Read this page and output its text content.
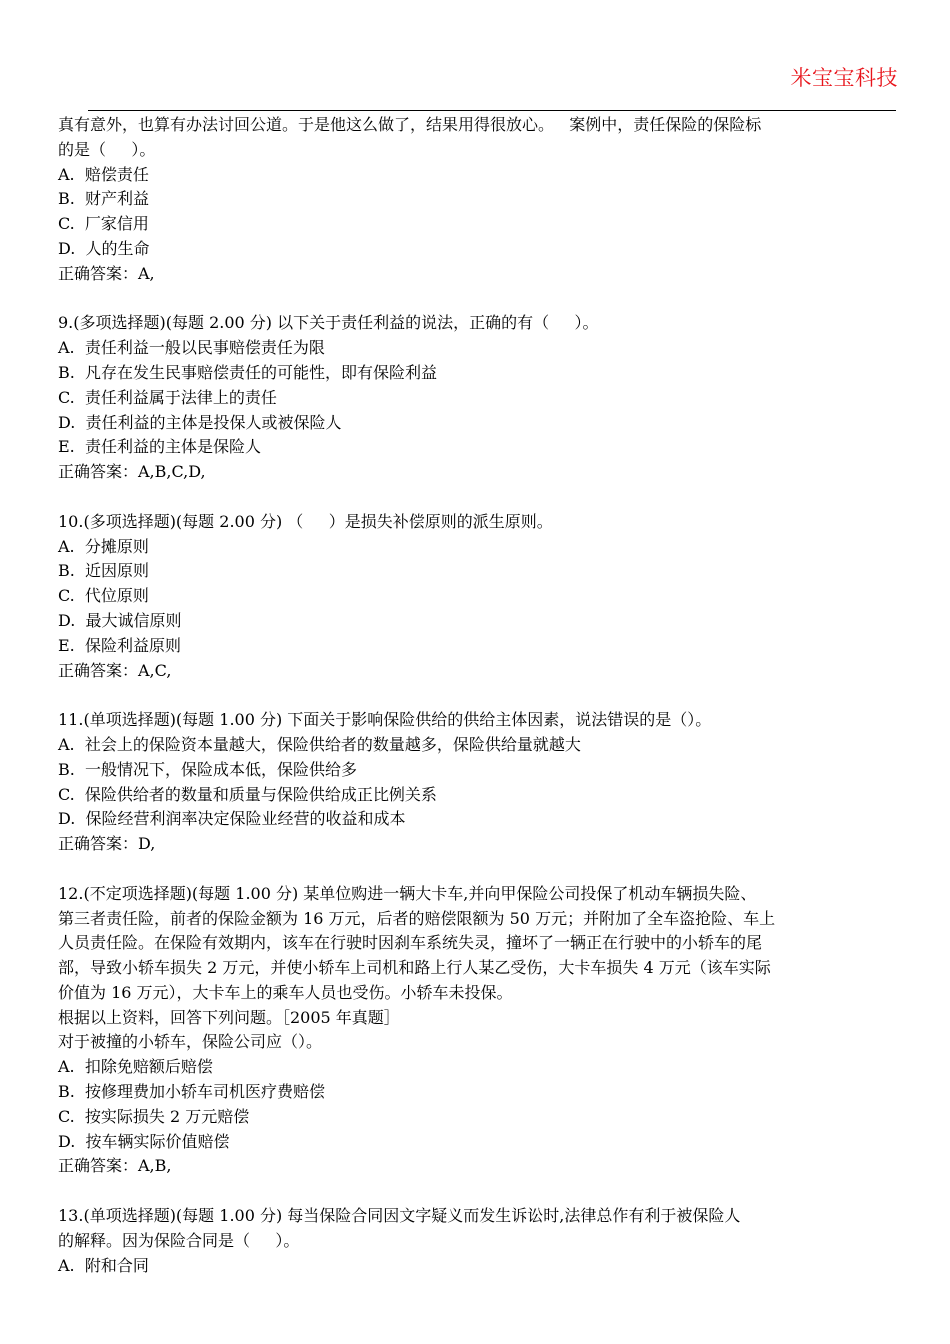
米宝宝科技

真有意外，也算有办法讨回公道。于是他这么做了，结果用得很放心。   案例中，责任保险的保险标

的是（     ）。

A.  赔偿责任

B.  财产利益

C.  厂家信用

D.  人的生命

正确答案：A,

9.(多项选择题)(每题 2.00 分) 以下关于责任利益的说法，正确的有（     ）。

A.  责任利益一般以民事赔偿责任为限

B.  凡存在发生民事赔偿责任的可能性，即有保险利益

C.  责任利益属于法律上的责任

D.  责任利益的主体是投保人或被保险人

E.  责任利益的主体是保险人

正确答案：A,B,C,D,

10.(多项选择题)(每题 2.00 分) （     ）是损失补偿原则的派生原则。

A.  分摊原则

B.  近因原则

C.  代位原则

D.  最大诚信原则

E.  保险利益原则

正确答案：A,C,

11.(单项选择题)(每题 1.00 分) 下面关于影响保险供给的供给主体因素，说法错误的是（）。

A.  社会上的保险资本量越大，保险供给者的数量越多，保险供给量就越大

B.  一般情况下，保险成本低，保险供给多

C.  保险供给者的数量和质量与保险供给成正比例关系

D.  保险经营利润率决定保险业经营的收益和成本

正确答案：D,

12.(不定项选择题)(每题 1.00 分) 某单位购进一辆大卡车,并向甲保险公司投保了机动车辆损失险、

第三者责任险，前者的保险金额为 16 万元，后者的赔偿限额为 50 万元；并附加了全车盗抢险、车上

人员责任险。在保险有效期内，该车在行驶时因刹车系统失灵，撞坏了一辆正在行驶中的小轿车的尾

部，导致小轿车损失 2 万元，并使小轿车上司机和路上行人某乙受伤，大卡车损失 4 万元（该车实际

价值为 16 万元），大卡车上的乘车人员也受伤。小轿车未投保。

根据以上资料，回答下列问题。［2005 年真题］

对于被撞的小轿车，保险公司应（）。

A.  扣除免赔额后赔偿

B.  按修理费加小轿车司机医疗费赔偿

C.  按实际损失 2 万元赔偿

D.  按车辆实际价值赔偿

正确答案：A,B,

13.(单项选择题)(每题 1.00 分) 每当保险合同因文字疑义而发生诉讼时,法律总作有利于被保险人

的解释。因为保险合同是（     ）。

A.  附和合同
